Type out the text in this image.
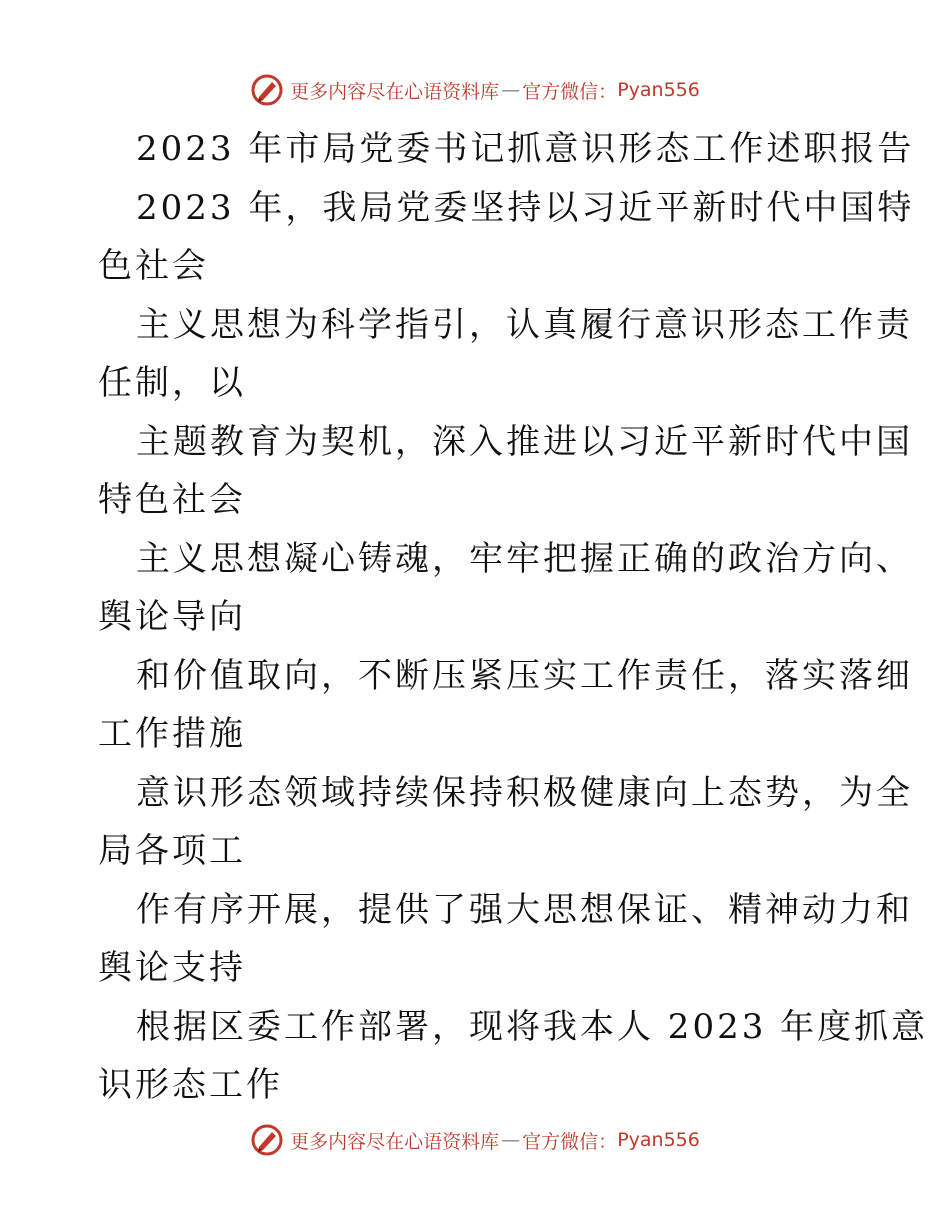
更多内容尽在心语资料库 — 官方微信： Pyan556
2023 年市局党委书记抓意识形态工作述职报告
2023 年，我局党委坚持以习近平新时代中国特
色社会
主义思想为科学指引，认真履行意识形态工作责
任制，以
主题教育为契机，深入推进以习近平新时代中国
特色社会
主义思想凝心铸魂，牢牢把握正确的政治方向、
舆论导向
和价值取向，不断压紧压实工作责任，落实落细
工作措施
意识形态领域持续保持积极健康向上态势，为全
局各项工
作有序开展，提供了强大思想保证、精神动力和
舆论支持
根据区委工作部署，现将我本人 2023 年度抓意
识形态工作
更多内容尽在心语资料库 — 官方微信： Pyan556
